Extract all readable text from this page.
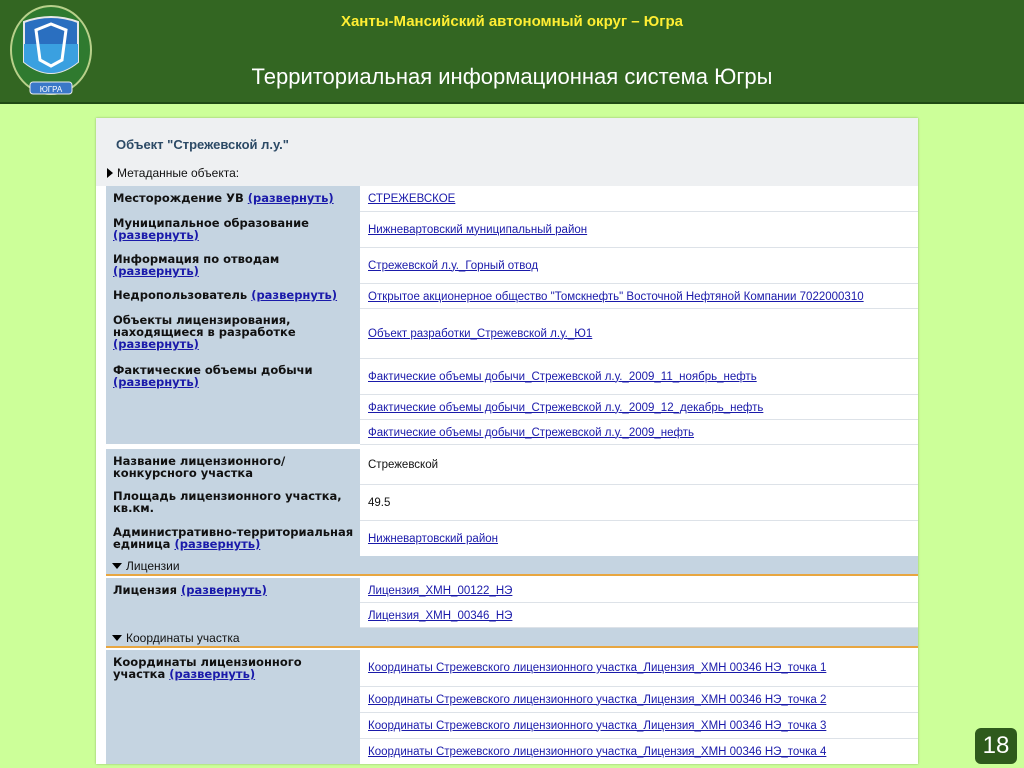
ЮГРА
Ханты-Мансийский автономный округ – Югра
Территориальная информационная система Югры
Объект "Стрежевской л.у."
Метаданные объекта:
Месторождение УВ (развернуть)	СТРЕЖЕВСКОЕ
Муниципальное образование (развернуть)	Нижневартовский муниципальный район
Информация по отводам (развернуть)	Стрежевской л.у._Горный отвод
Недропользователь (развернуть)	Открытое акционерное общество "Томскнефть" Восточной Нефтяной Компании 7022000310
Объекты лицензирования, находящиеся в разработке (развернуть)	Объект разработки_Стрежевской л.у._Ю1
Фактические объемы добычи (развернуть)	Фактические объемы добычи_Стрежевской л.у._2009_11_ноябрь_нефть
	Фактические объемы добычи_Стрежевской л.у._2009_12_декабрь_нефть
	Фактические объемы добычи_Стрежевской л.у._2009_нефть
Название лицензионного/ конкурсного участка	Стрежевской
Площадь лицензионного участка, кв.км.	49.5
Административно-территориальная единица (развернуть)	Нижневартовский район
Лицензии
Лицензия (развернуть)	Лицензия_ХМН_00122_НЭ
Лицензия_ХМН_00346_НЭ
Координаты участка
Координаты лицензионного участка (развернуть)	Координаты Стрежевского лицензионного участка_Лицензия_ХМН 00346 НЭ_точка 1
Координаты Стрежевского лицензионного участка_Лицензия_ХМН 00346 НЭ_точка 2
Координаты Стрежевского лицензионного участка_Лицензия_ХМН 00346 НЭ_точка 3
Координаты Стрежевского лицензионного участка_Лицензия_ХМН 00346 НЭ_точка 4	18
